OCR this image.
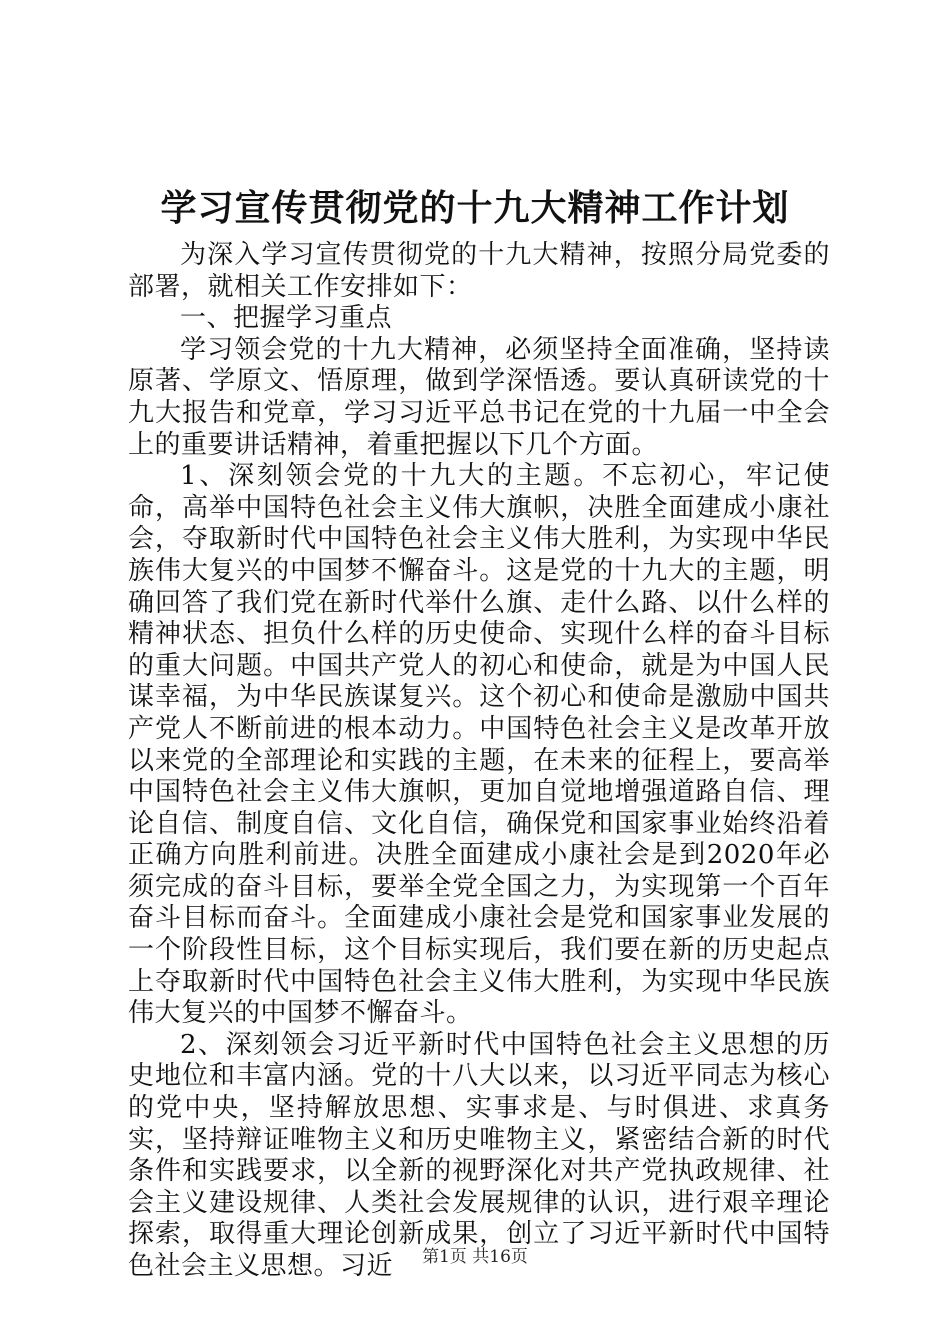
学习宣传贯彻党的十九大精神工作计划

为深入学习宣传贯彻党的十九大精神，按照分局党委的部署，就相关工作安排如下：

一、把握学习重点

学习领会党的十九大精神，必须坚持全面准确，坚持读原著、学原文、悟原理，做到学深悟透。要认真研读党的十九大报告和党章，学习习近平总书记在党的十九届一中全会上的重要讲话精神，着重把握以下几个方面。

1、深刻领会党的十九大的主题。不忘初心，牢记使命，高举中国特色社会主义伟大旗帜，决胜全面建成小康社会，夺取新时代中国特色社会主义伟大胜利，为实现中华民族伟大复兴的中国梦不懈奋斗。这是党的十九大的主题，明确回答了我们党在新时代举什么旗、走什么路、以什么样的精神状态、担负什么样的历史使命、实现什么样的奋斗目标的重大问题。中国共产党人的初心和使命，就是为中国人民谋幸福，为中华民族谋复兴。这个初心和使命是激励中国共产党人不断前进的根本动力。中国特色社会主义是改革开放以来党的全部理论和实践的主题，在未来的征程上，要高举中国特色社会主义伟大旗帜，更加自觉地增强道路自信、理论自信、制度自信、文化自信，确保党和国家事业始终沿着正确方向胜利前进。决胜全面建成小康社会是到2020年必须完成的奋斗目标，要举全党全国之力，为实现第一个百年奋斗目标而奋斗。全面建成小康社会是党和国家事业发展的一个阶段性目标，这个目标实现后，我们要在新的历史起点上夺取新时代中国特色社会主义伟大胜利，为实现中华民族伟大复兴的中国梦不懈奋斗。

2、深刻领会习近平新时代中国特色社会主义思想的历史地位和丰富内涵。党的十八大以来，以习近平同志为核心的党中央，坚持解放思想、实事求是、与时俱进、求真务实，坚持辩证唯物主义和历史唯物主义，紧密结合新的时代条件和实践要求，以全新的视野深化对共产党执政规律、社会主义建设规律、人类社会发展规律的认识，进行艰辛理论探索，取得重大理论创新成果，创立了习近平新时代中国特色社会主义思想。习近	第1页 共16页
